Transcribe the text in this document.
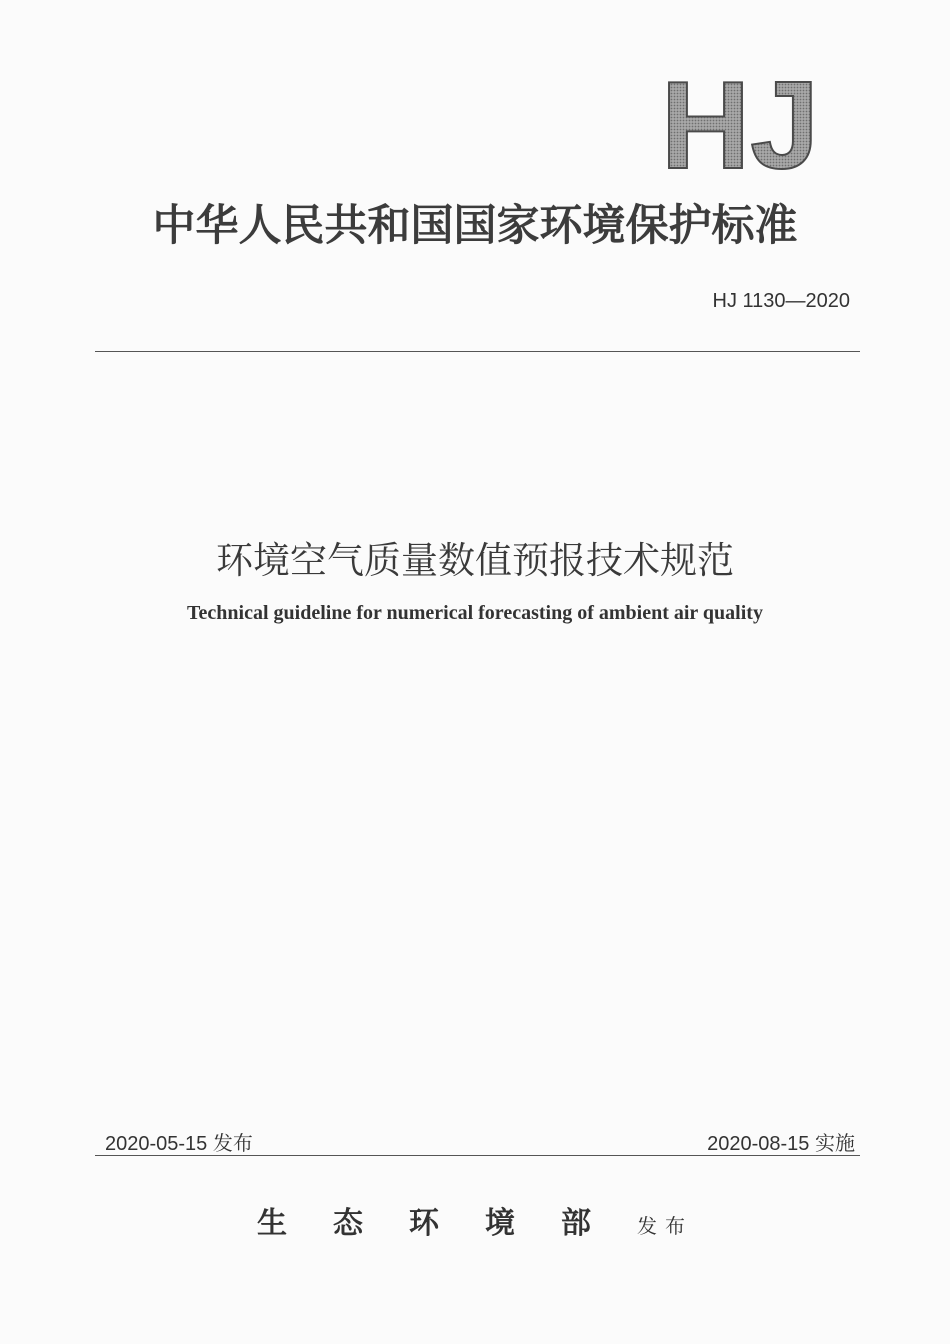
HJ
中华人民共和国国家环境保护标准
HJ 1130—2020
环境空气质量数值预报技术规范
Technical guideline for numerical forecasting of ambient air quality
2020-05-15 发布	2020-08-15 实施
生态环境部发布
